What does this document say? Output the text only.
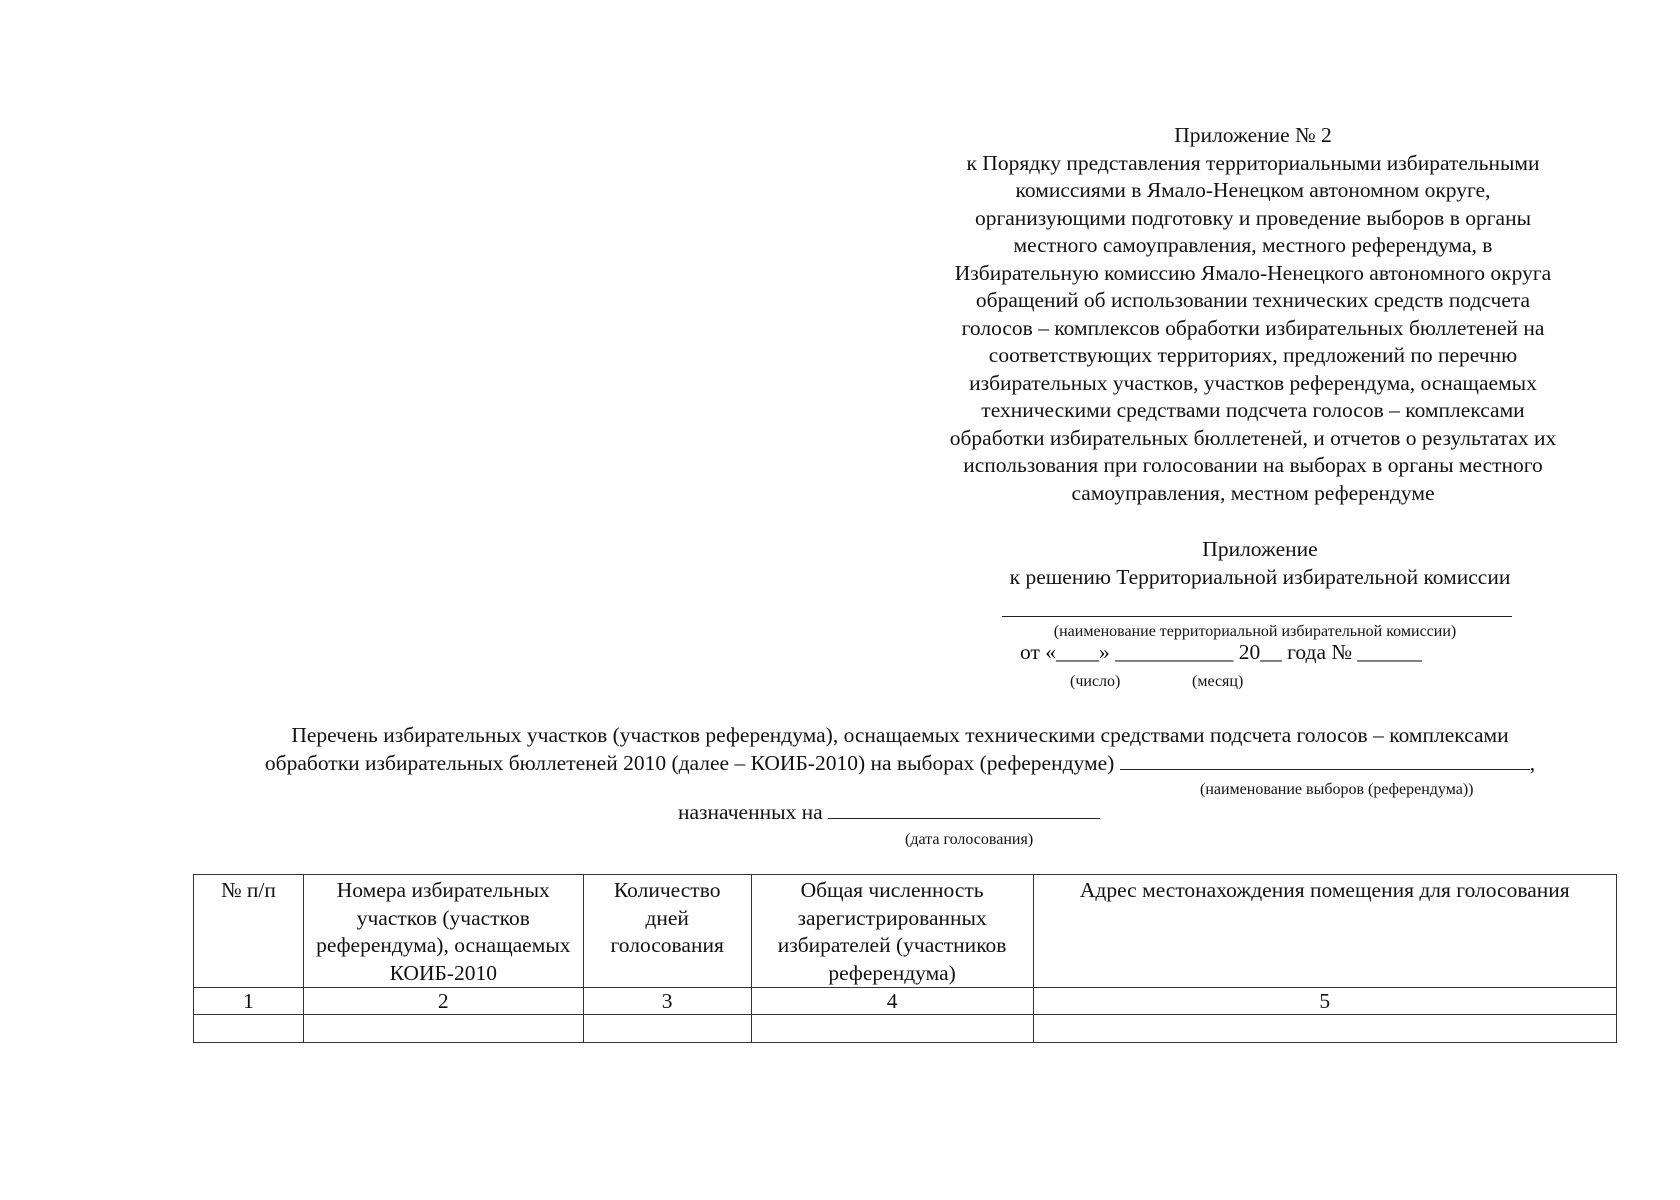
Приложение № 2

к Порядку представления территориальными избирательными

комиссиями в Ямало-Ненецком автономном округе,

организующими подготовку и проведение выборов в органы

местного самоуправления, местного референдума, в

Избирательную комиссию Ямало-Ненецкого автономного округа

обращений об использовании технических средств подсчета

голосов – комплексов обработки избирательных бюллетеней на

соответствующих территориях, предложений по перечню

избирательных участков, участков референдума, оснащаемых

техническими средствами подсчета голосов – комплексами

обработки избирательных бюллетеней, и отчетов о результатах их

использования при голосовании на выборах в органы местного

самоуправления, местном референдуме

Приложение

к решению Территориальной избирательной комиссии

(наименование территориальной избирательной комиссии)
от «____» ___________ 20__ года № ______
(число)	(месяц)

Перечень избирательных участков (участков референдума), оснащаемых техническими средствами подсчета голосов – комплексами

обработки избирательных бюллетеней 2010 (далее – КОИБ-2010) на выборах (референдуме)	,

(наименование выборов (референдума))
назначенных на
(дата голосования)
№ п/п	Номера избирательных участков (участков референдума), оснащаемых КОИБ-2010	Количество дней голосования	Общая численность зарегистрированных избирателей (участников референдума)	Адрес местонахождения помещения для голосования
1	2	3	4	5
